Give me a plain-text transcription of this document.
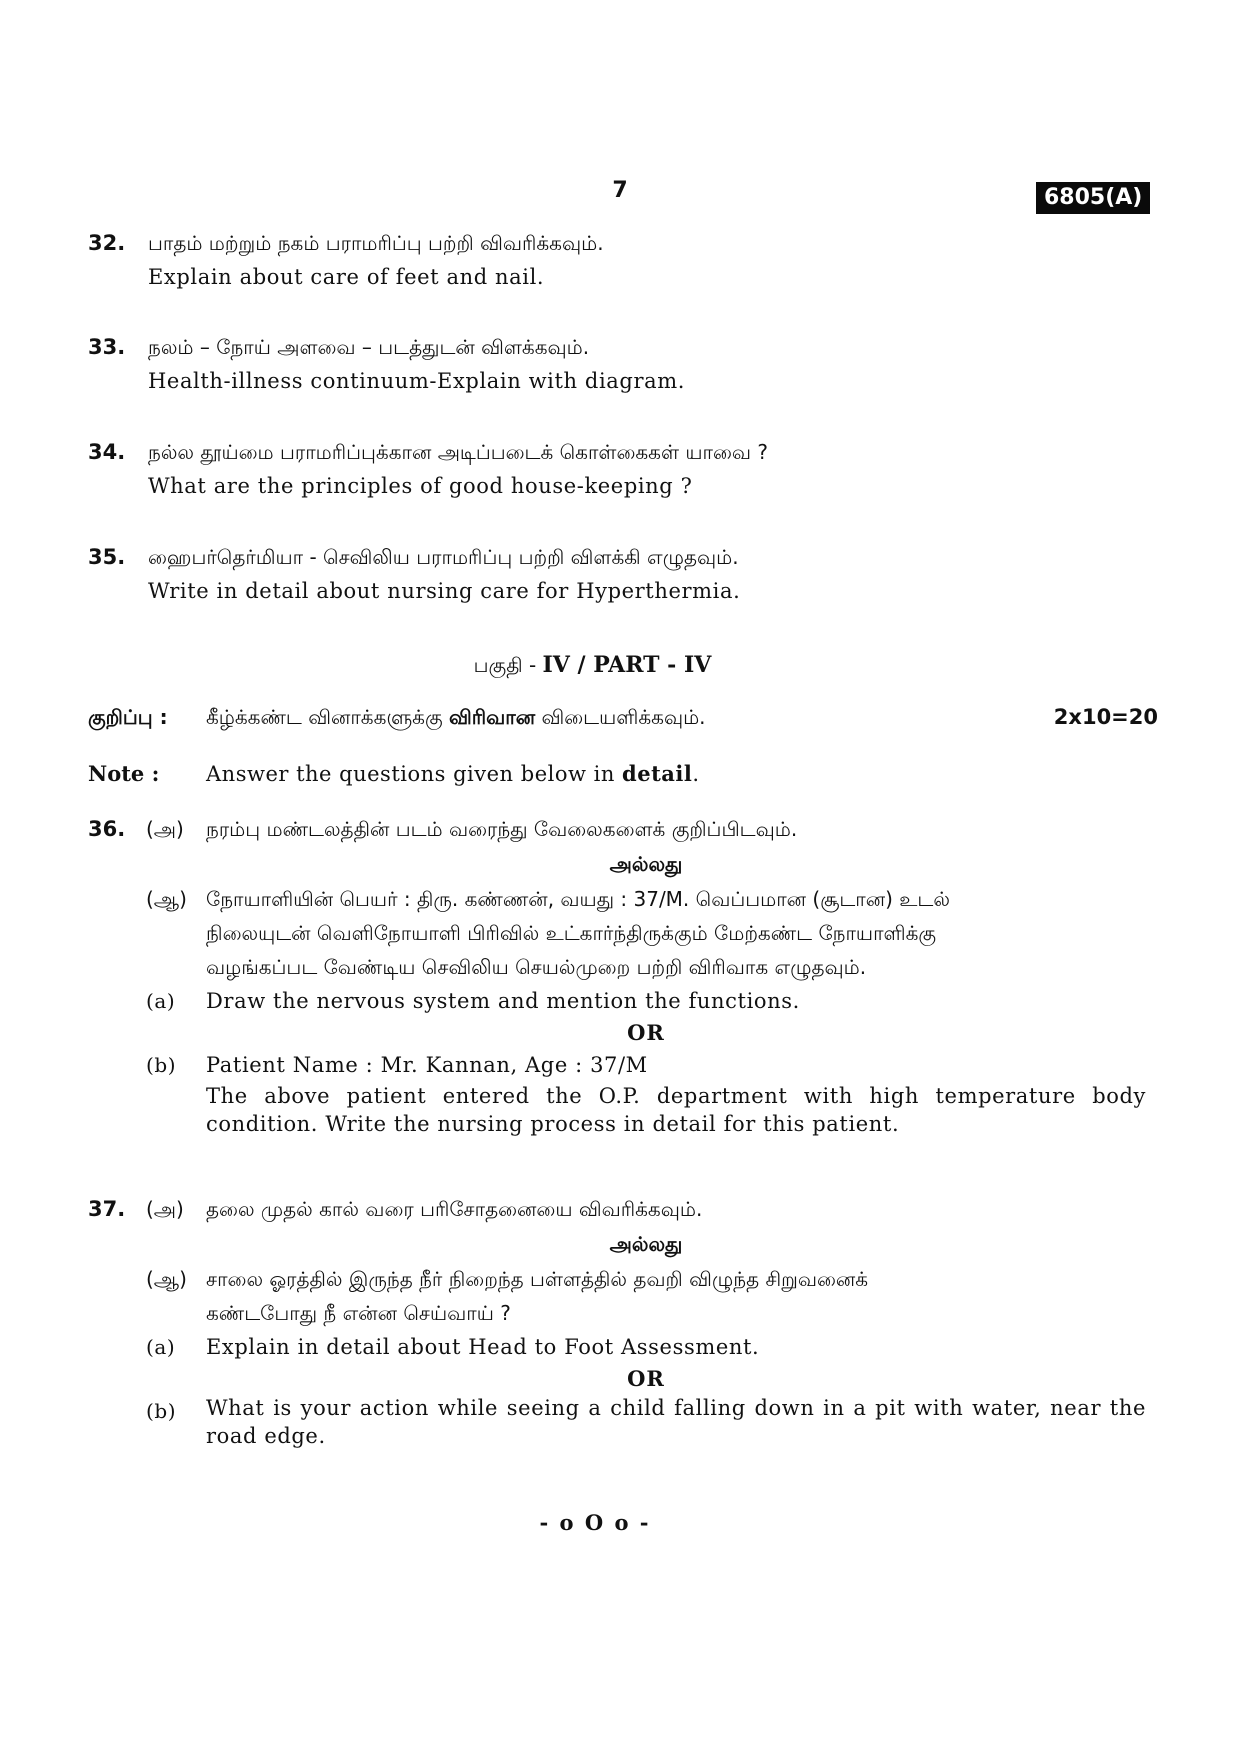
7	6805(A)
32. பாதம் மற்றும் நகம் பராமரிப்பு பற்றி விவரிக்கவும்.
Explain about care of feet and nail.
33. நலம் – நோய் அளவை – படத்துடன் விளக்கவும்.
Health-illness continuum-Explain with diagram.
34. நல்ல தூய்மை பராமரிப்புக்கான அடிப்படைக் கொள்கைகள் யாவை ?
What are the principles of good house-keeping ?
35. ஹைபர்தெர்மியா - செவிலிய பராமரிப்பு பற்றி விளக்கி எழுதவும்.
Write in detail about nursing care for Hyperthermia.
பகுதி - IV / PART - IV
குறிப்பு : கீழ்க்கண்ட வினாக்களுக்கு விரிவான விடையளிக்கவும்.	2x10=20
Note : Answer the questions given below in detail.
36. (அ) நரம்பு மண்டலத்தின் படம் வரைந்து வேலைகளைக் குறிப்பிடவும்.
அல்லது
(ஆ) நோயாளியின் பெயர் : திரு. கண்ணன், வயது : 37/M. வெப்பமான (சூடான) உடல்
நிலையுடன் வெளிநோயாளி பிரிவில் உட்கார்ந்திருக்கும் மேற்கண்ட நோயாளிக்கு
வழங்கப்பட வேண்டிய செவிலிய செயல்முறை பற்றி விரிவாக எழுதவும்.
(a) Draw the nervous system and mention the functions.
OR
(b) Patient Name : Mr. Kannan, Age : 37/M
The above patient entered the O.P. department with high temperature body condition. Write the nursing process in detail for this patient.
37. (அ) தலை முதல் கால் வரை பரிசோதனையை விவரிக்கவும்.
அல்லது
(ஆ) சாலை ஓரத்தில் இருந்த நீர் நிறைந்த பள்ளத்தில் தவறி விழுந்த சிறுவனைக்
கண்டபோது நீ என்ன செய்வாய் ?
(a) Explain in detail about Head to Foot Assessment.
OR
(b) What is your action while seeing a child falling down in a pit with water, near the road edge.
- o O o -
